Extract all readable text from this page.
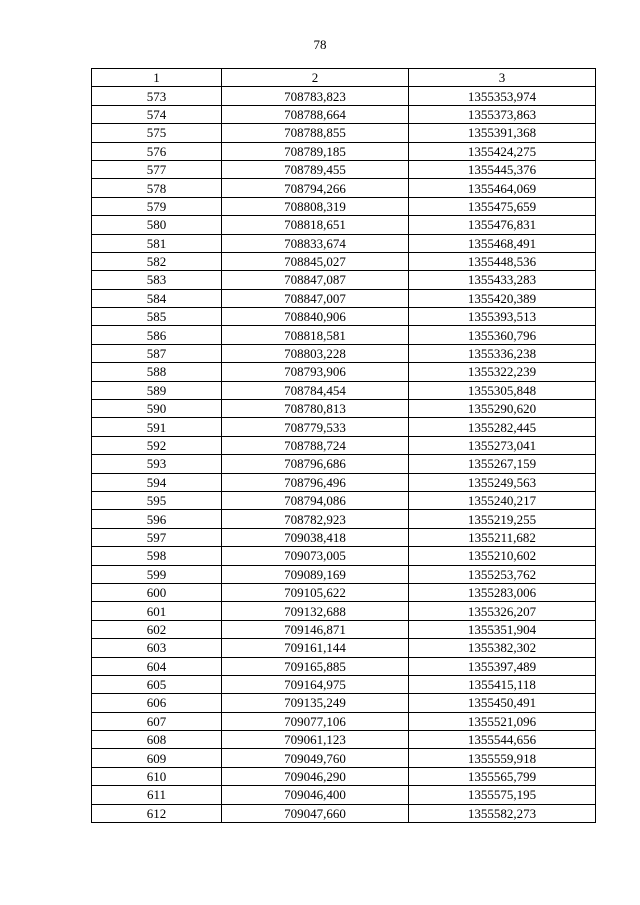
78
1	2	3
573	708783,823	1355353,974
574	708788,664	1355373,863
575	708788,855	1355391,368
576	708789,185	1355424,275
577	708789,455	1355445,376
578	708794,266	1355464,069
579	708808,319	1355475,659
580	708818,651	1355476,831
581	708833,674	1355468,491
582	708845,027	1355448,536
583	708847,087	1355433,283
584	708847,007	1355420,389
585	708840,906	1355393,513
586	708818,581	1355360,796
587	708803,228	1355336,238
588	708793,906	1355322,239
589	708784,454	1355305,848
590	708780,813	1355290,620
591	708779,533	1355282,445
592	708788,724	1355273,041
593	708796,686	1355267,159
594	708796,496	1355249,563
595	708794,086	1355240,217
596	708782,923	1355219,255
597	709038,418	1355211,682
598	709073,005	1355210,602
599	709089,169	1355253,762
600	709105,622	1355283,006
601	709132,688	1355326,207
602	709146,871	1355351,904
603	709161,144	1355382,302
604	709165,885	1355397,489
605	709164,975	1355415,118
606	709135,249	1355450,491
607	709077,106	1355521,096
608	709061,123	1355544,656
609	709049,760	1355559,918
610	709046,290	1355565,799
611	709046,400	1355575,195
612	709047,660	1355582,273
